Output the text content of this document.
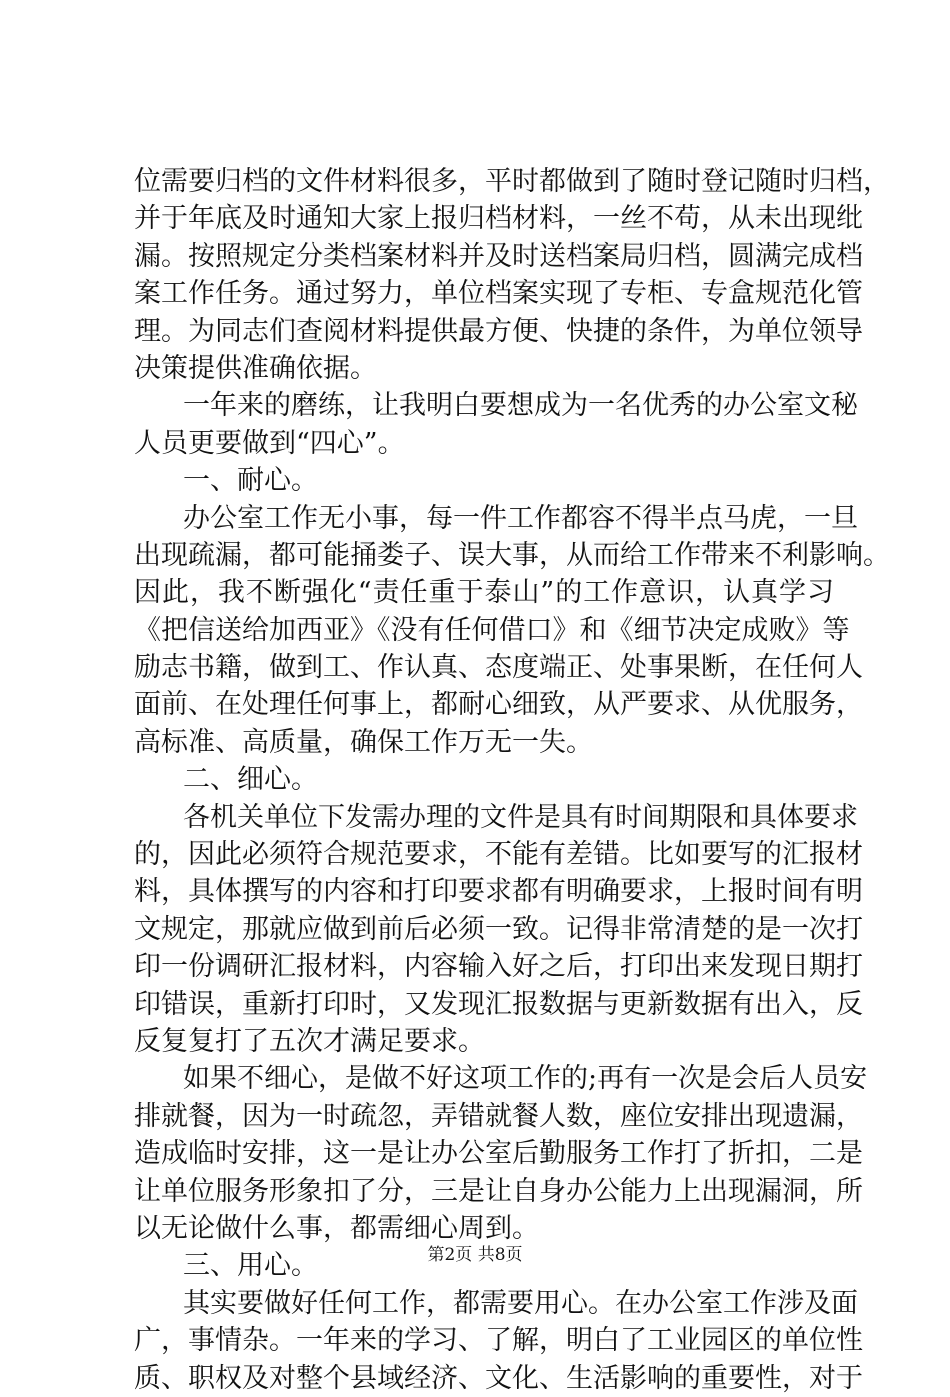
位需要归档的文件材料很多，平时都做到了随时登记随时归档，
并于年底及时通知大家上报归档材料，一丝不苟，从未出现纰
漏。按照规定分类档案材料并及时送档案局归档，圆满完成档
案工作任务。通过努力，单位档案实现了专柜、专盒规范化管
理。为同志们查阅材料提供最方便、快捷的条件，为单位领导
决策提供准确依据。
一年来的磨练，让我明白要想成为一名优秀的办公室文秘
人员更要做到“四心”。
一、耐心。
办公室工作无小事，每一件工作都容不得半点马虎，一旦
出现疏漏，都可能捅娄子、误大事，从而给工作带来不利影响。
因此，我不断强化“责任重于泰山”的工作意识，认真学习
《把信送给加西亚》《没有任何借口》和《细节决定成败》等
励志书籍，做到工、作认真、态度端正、处事果断，在任何人
面前、在处理任何事上，都耐心细致，从严要求、从优服务，
高标准、高质量，确保工作万无一失。
二、细心。
各机关单位下发需办理的文件是具有时间期限和具体要求
的，因此必须符合规范要求，不能有差错。比如要写的汇报材
料，具体撰写的内容和打印要求都有明确要求，上报时间有明
文规定，那就应做到前后必须一致。记得非常清楚的是一次打
印一份调研汇报材料，内容输入好之后，打印出来发现日期打
印错误，重新打印时，又发现汇报数据与更新数据有出入，反
反复复打了五次才满足要求。
如果不细心，是做不好这项工作的;再有一次是会后人员安
排就餐，因为一时疏忽，弄错就餐人数，座位安排出现遗漏，
造成临时安排，这一是让办公室后勤服务工作打了折扣，二是
让单位服务形象扣了分，三是让自身办公能力上出现漏洞，所
以无论做什么事，都需细心周到。
三、用心。
其实要做好任何工作，都需要用心。在办公室工作涉及面
广，事情杂。一年来的学习、了解，明白了工业园区的单位性
质、职权及对整个县域经济、文化、生活影响的重要性，对于
第2页 共8页
